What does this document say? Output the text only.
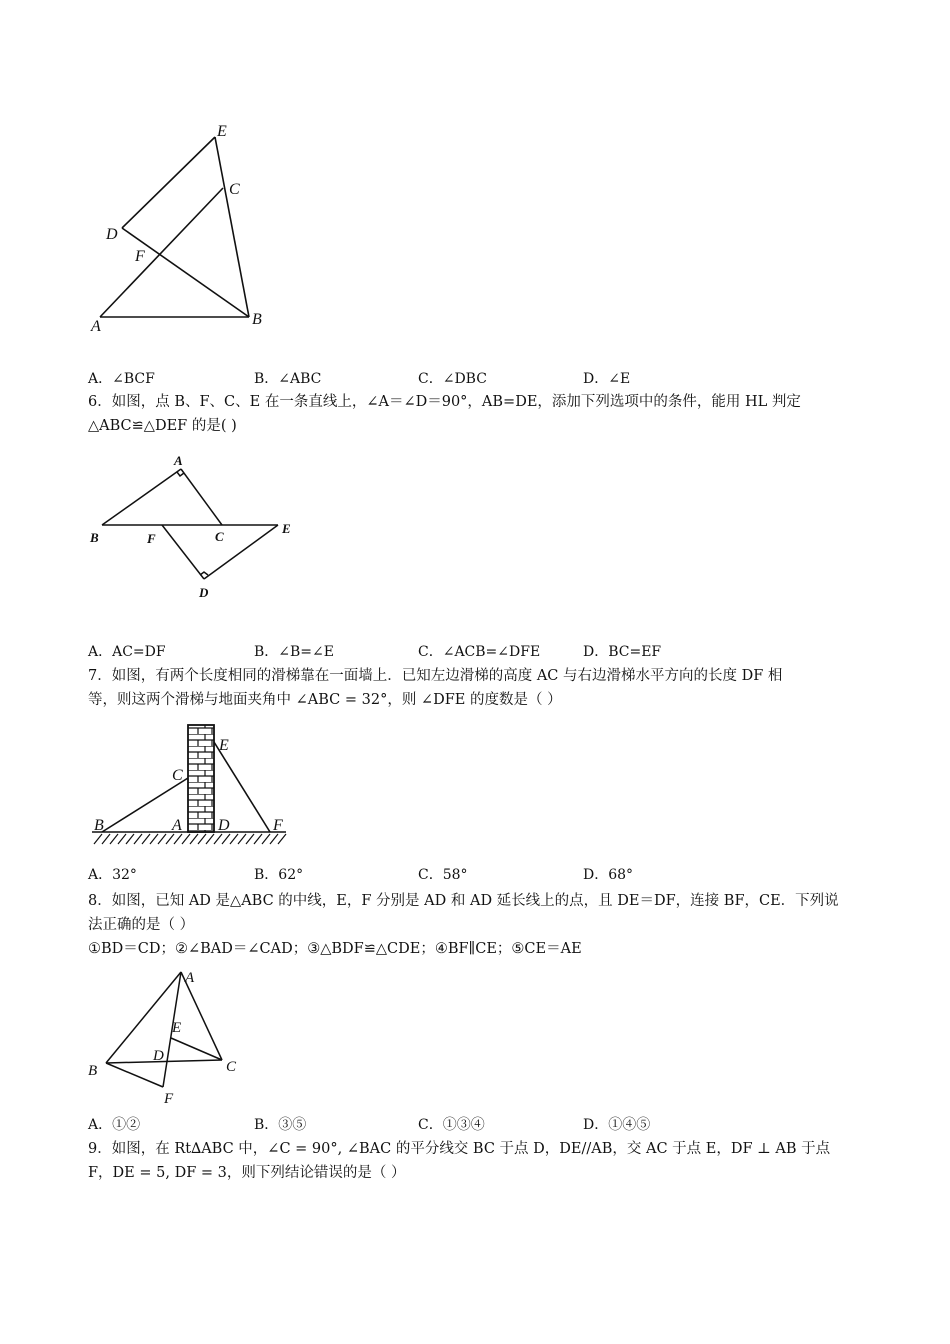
E
C
D
F
A	B
A．∠BCF	B．∠ABC	C．∠DBC	D．∠E
6．如图，点 B、F、C、E 在一条直线上，∠A＝∠D＝90°，AB=DE，添加下列选项中的条件，能用 HL 判定
△ABC≌△DEF 的是( )
A
B	F	C
E
D
A．AC=DF	B．∠B=∠E	C．∠ACB=∠DFE	D．BC=EF
7．如图，有两个长度相同的滑梯靠在一面墙上．已知左边滑梯的高度 AC 与右边滑梯水平方向的长度 DF 相
等，则这两个滑梯与地面夹角中 ∠ABC = 32°，则 ∠DFE 的度数是（ ）
E
C
B	A D	F
A．32°	B．62°	C．58°	D．68°
8．如图，已知 AD 是△ABC 的中线，E，F 分别是 AD 和 AD 延长线上的点，且 DE＝DF，连接 BF，CE．下列说
法正确的是（ ）
①BD＝CD；②∠BAD＝∠CAD；③△BDF≌△CDE；④BF∥CE；⑤CE＝AE
A
E
D
B	C
F
A．①②	B．③⑤	C．①③④	D．①④⑤
9．如图，在 Rt∆ABC 中，∠C = 90°, ∠BAC 的平分线交 BC 于点 D，DE//AB，交 AC 于点 E，DF ⊥ AB 于点
F，DE = 5, DF = 3，则下列结论错误的是（ ）
